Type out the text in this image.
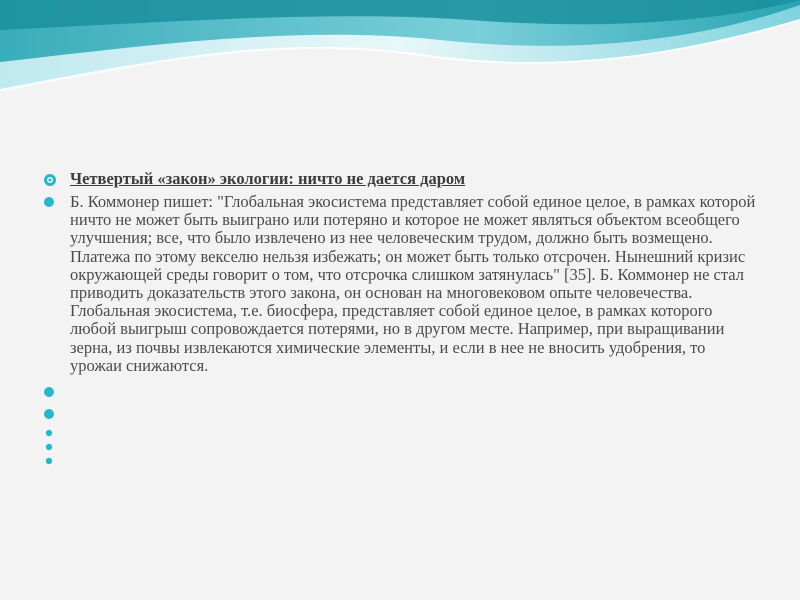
Четвертый «закон» экологии: ничто не дается даром
Б. Коммонер пишет: "Глобальная экосистема представляет собой единое целое, в рамках которой ничто не может быть выиграно или потеряно и которое не может являться объектом всеобщего улучшения; все, что было извлечено из нее человеческим трудом, должно быть возмещено. Платежа по этому векселю нельзя избежать; он может быть только отсрочен. Нынешний кризис окружающей среды говорит о том, что отсрочка слишком затянулась" [35]. Б. Коммонер не стал приводить доказательств этого закона, он основан на многовековом опыте человечества. Глобальная экосистема, т.е. биосфера, представляет собой единое целое, в рамках которого любой выигрыш сопровождается потерями, но в другом месте. Например, при выращивании зерна, из почвы извлекаются химические элементы, и если в нее не вносить удобрения, то урожаи снижаются.
